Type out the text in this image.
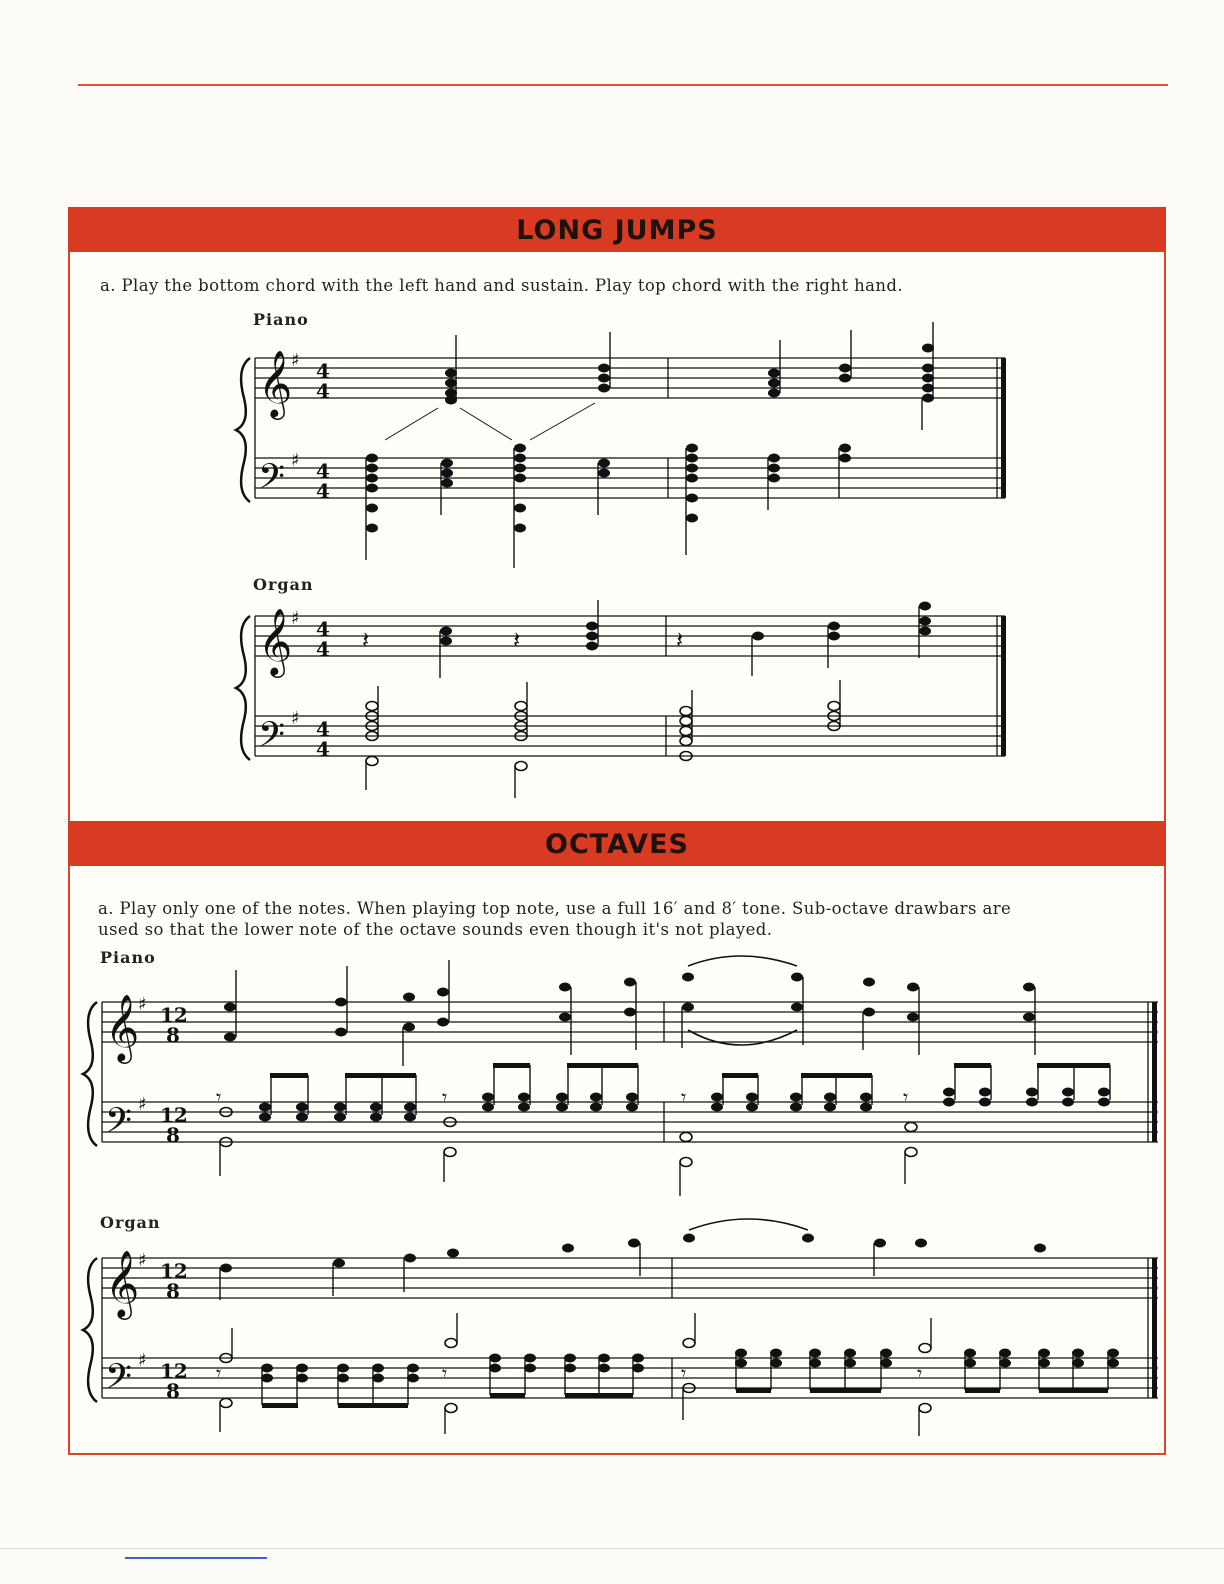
LONG JUMPS
a. Play the bottom chord with the left hand and sustain. Play top chord with the right hand.
Piano
Organ
𝄞
𝄢
♯
♯
4
4
4
4
𝄞
𝄢
♯
♯
4
4
4
4
𝄽	𝄽	𝄽
OCTAVES
a. Play only one of the notes. When playing top note, use a full 16′ and 8′ tone. Sub-octave drawbars are
used so that the lower note of the octave sounds even though it's not played.
Piano
Organ
𝄞
𝄢
♯
♯
12
8
12
8
𝄾	𝄾	𝄾	𝄾
𝄞
𝄢
♯
♯
12
8
12
8
𝄾	𝄾	𝄾	𝄾
